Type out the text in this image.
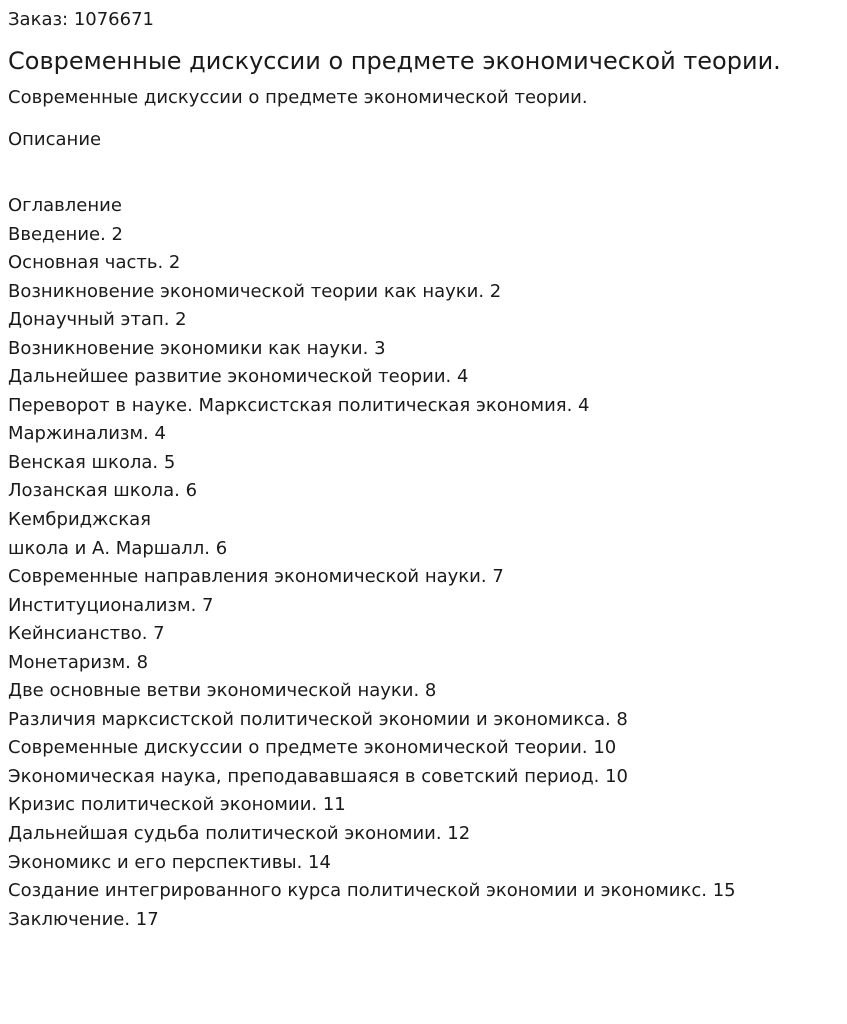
Заказ: 1076671

Современные дискуссии о предмете экономической теории.

Современные дискуссии о предмете экономической теории.

Описание

Оглавление
Введение. 2
Основная часть. 2
Возникновение экономической теории как науки. 2
Донаучный этап. 2
Возникновение экономики как науки. 3
Дальнейшее развитие экономической теории. 4
Переворот в науке. Марксистская политическая экономия. 4
Маржинализм. 4
Венская школа. 5
Лозанская школа. 6
Кембриджская
школа и А. Маршалл. 6
Современные направления экономической науки. 7
Институционализм. 7
Кейнсианство. 7
Монетаризм. 8
Две основные ветви экономической науки. 8
Различия марксистской политической экономии и экономикса. 8
Современные дискуссии о предмете экономической теории. 10
Экономическая наука, преподававшаяся в советский период. 10
Кризис политической экономии. 11
Дальнейшая судьба политической экономии. 12
Экономикс и его перспективы. 14
Создание интегрированного курса политической экономии и экономикс. 15
Заключение. 17
